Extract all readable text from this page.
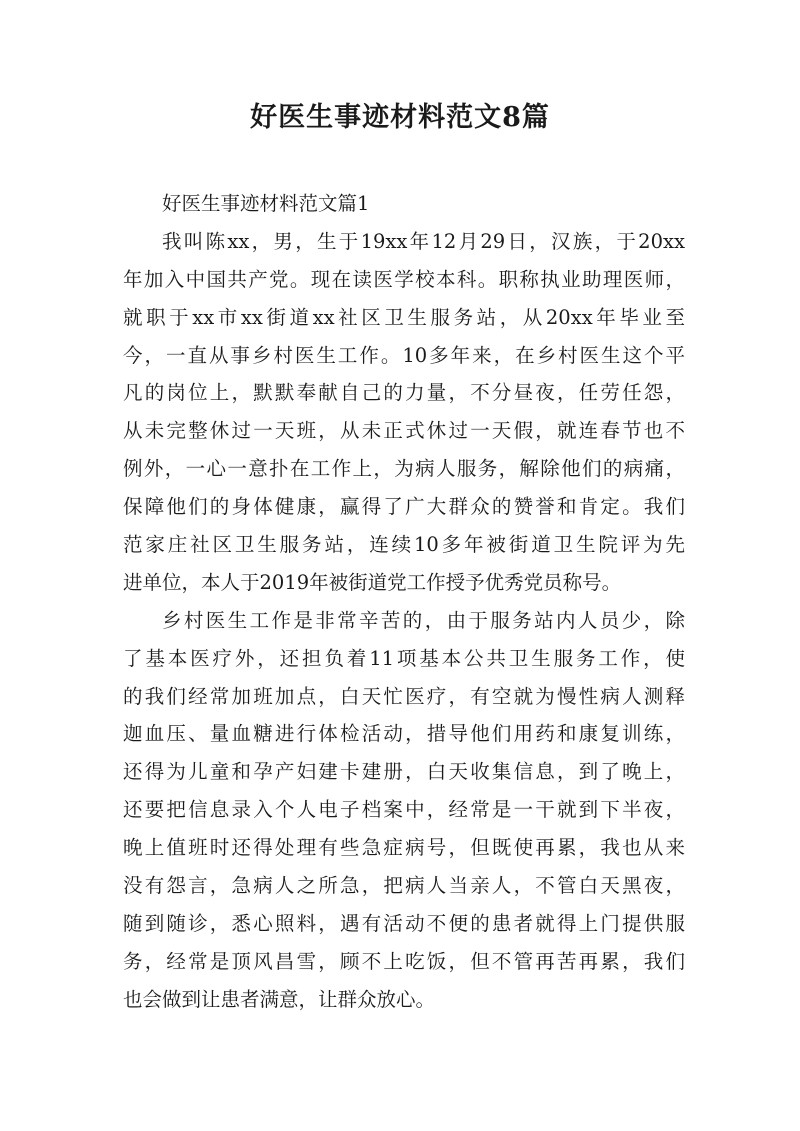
好医生事迹材料范文8篇
好医生事迹材料范文篇1
我叫陈xx，男，生于19xx年12月29日，汉族，于20xx
年加入中国共产党。现在读医学校本科。职称执业助理医师，
就职于xx市xx街道xx社区卫生服务站，从20xx年毕业至
今，一直从事乡村医生工作。10多年来，在乡村医生这个平
凡的岗位上，默默奉献自己的力量，不分昼夜，任劳任怨，
从未完整休过一天班，从未正式休过一天假，就连春节也不
例外，一心一意扑在工作上，为病人服务，解除他们的病痛，
保障他们的身体健康，赢得了广大群众的赞誉和肯定。我们
范家庄社区卫生服务站，连续10多年被街道卫生院评为先
进单位，本人于2019年被街道党工作授予优秀党员称号。
乡村医生工作是非常辛苦的，由于服务站内人员少，除
了基本医疗外，还担负着11项基本公共卫生服务工作，使
的我们经常加班加点，白天忙医疗，有空就为慢性病人测释
迦血压、量血糖进行体检活动，措导他们用药和康复训练，
还得为儿童和孕产妇建卡建册，白天收集信息，到了晚上，
还要把信息录入个人电子档案中，经常是一干就到下半夜，
晚上值班时还得处理有些急症病号，但既使再累，我也从来
没有怨言，急病人之所急，把病人当亲人，不管白天黑夜，
随到随诊，悉心照料，遇有活动不便的患者就得上门提供服
务，经常是顶风昌雪，顾不上吃饭，但不管再苦再累，我们
也会做到让患者满意，让群众放心。
